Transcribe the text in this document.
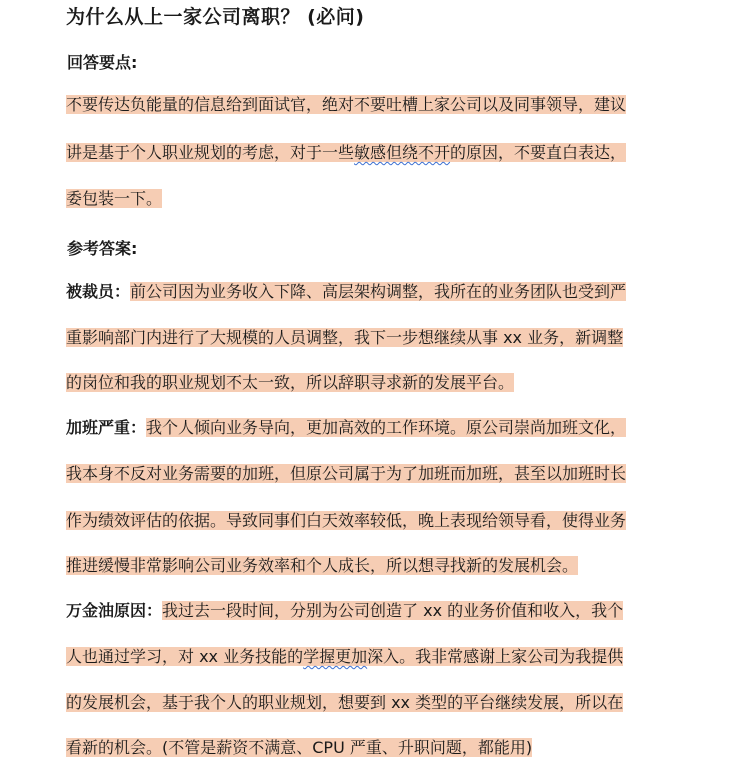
为什么从上一家公司离职？ (必问)
回答要点:
不要传达负能量的信息给到面试官，绝对不要吐槽上家公司以及同事领导，建议
讲是基于个人职业规划的考虑，对于一些敏感但绕不开的原因，不要直白表达，
委包装一下。
参考答案:
被裁员：前公司因为业务收入下降、高层架构调整，我所在的业务团队也受到严
重影响部门内进行了大规模的人员调整，我下一步想继续从事 xx 业务，新调整
的岗位和我的职业规划不太一致，所以辞职寻求新的发展平台。
加班严重：我个人倾向业务导向，更加高效的工作环境。原公司崇尚加班文化，
我本身不反对业务需要的加班，但原公司属于为了加班而加班，甚至以加班时长
作为绩效评估的依据。导致同事们白天效率较低，晚上表现给领导看，使得业务
推进缓慢非常影响公司业务效率和个人成长，所以想寻找新的发展机会。
万金油原因：我过去一段时间，分别为公司创造了 xx 的业务价值和收入，我个
人也通过学习，对 xx 业务技能的学握更加深入。我非常感谢上家公司为我提供
的发展机会，基于我个人的职业规划，想要到 xx 类型的平台继续发展，所以在
看新的机会。(不管是薪资不满意、CPU 严重、升职问题，都能用)
